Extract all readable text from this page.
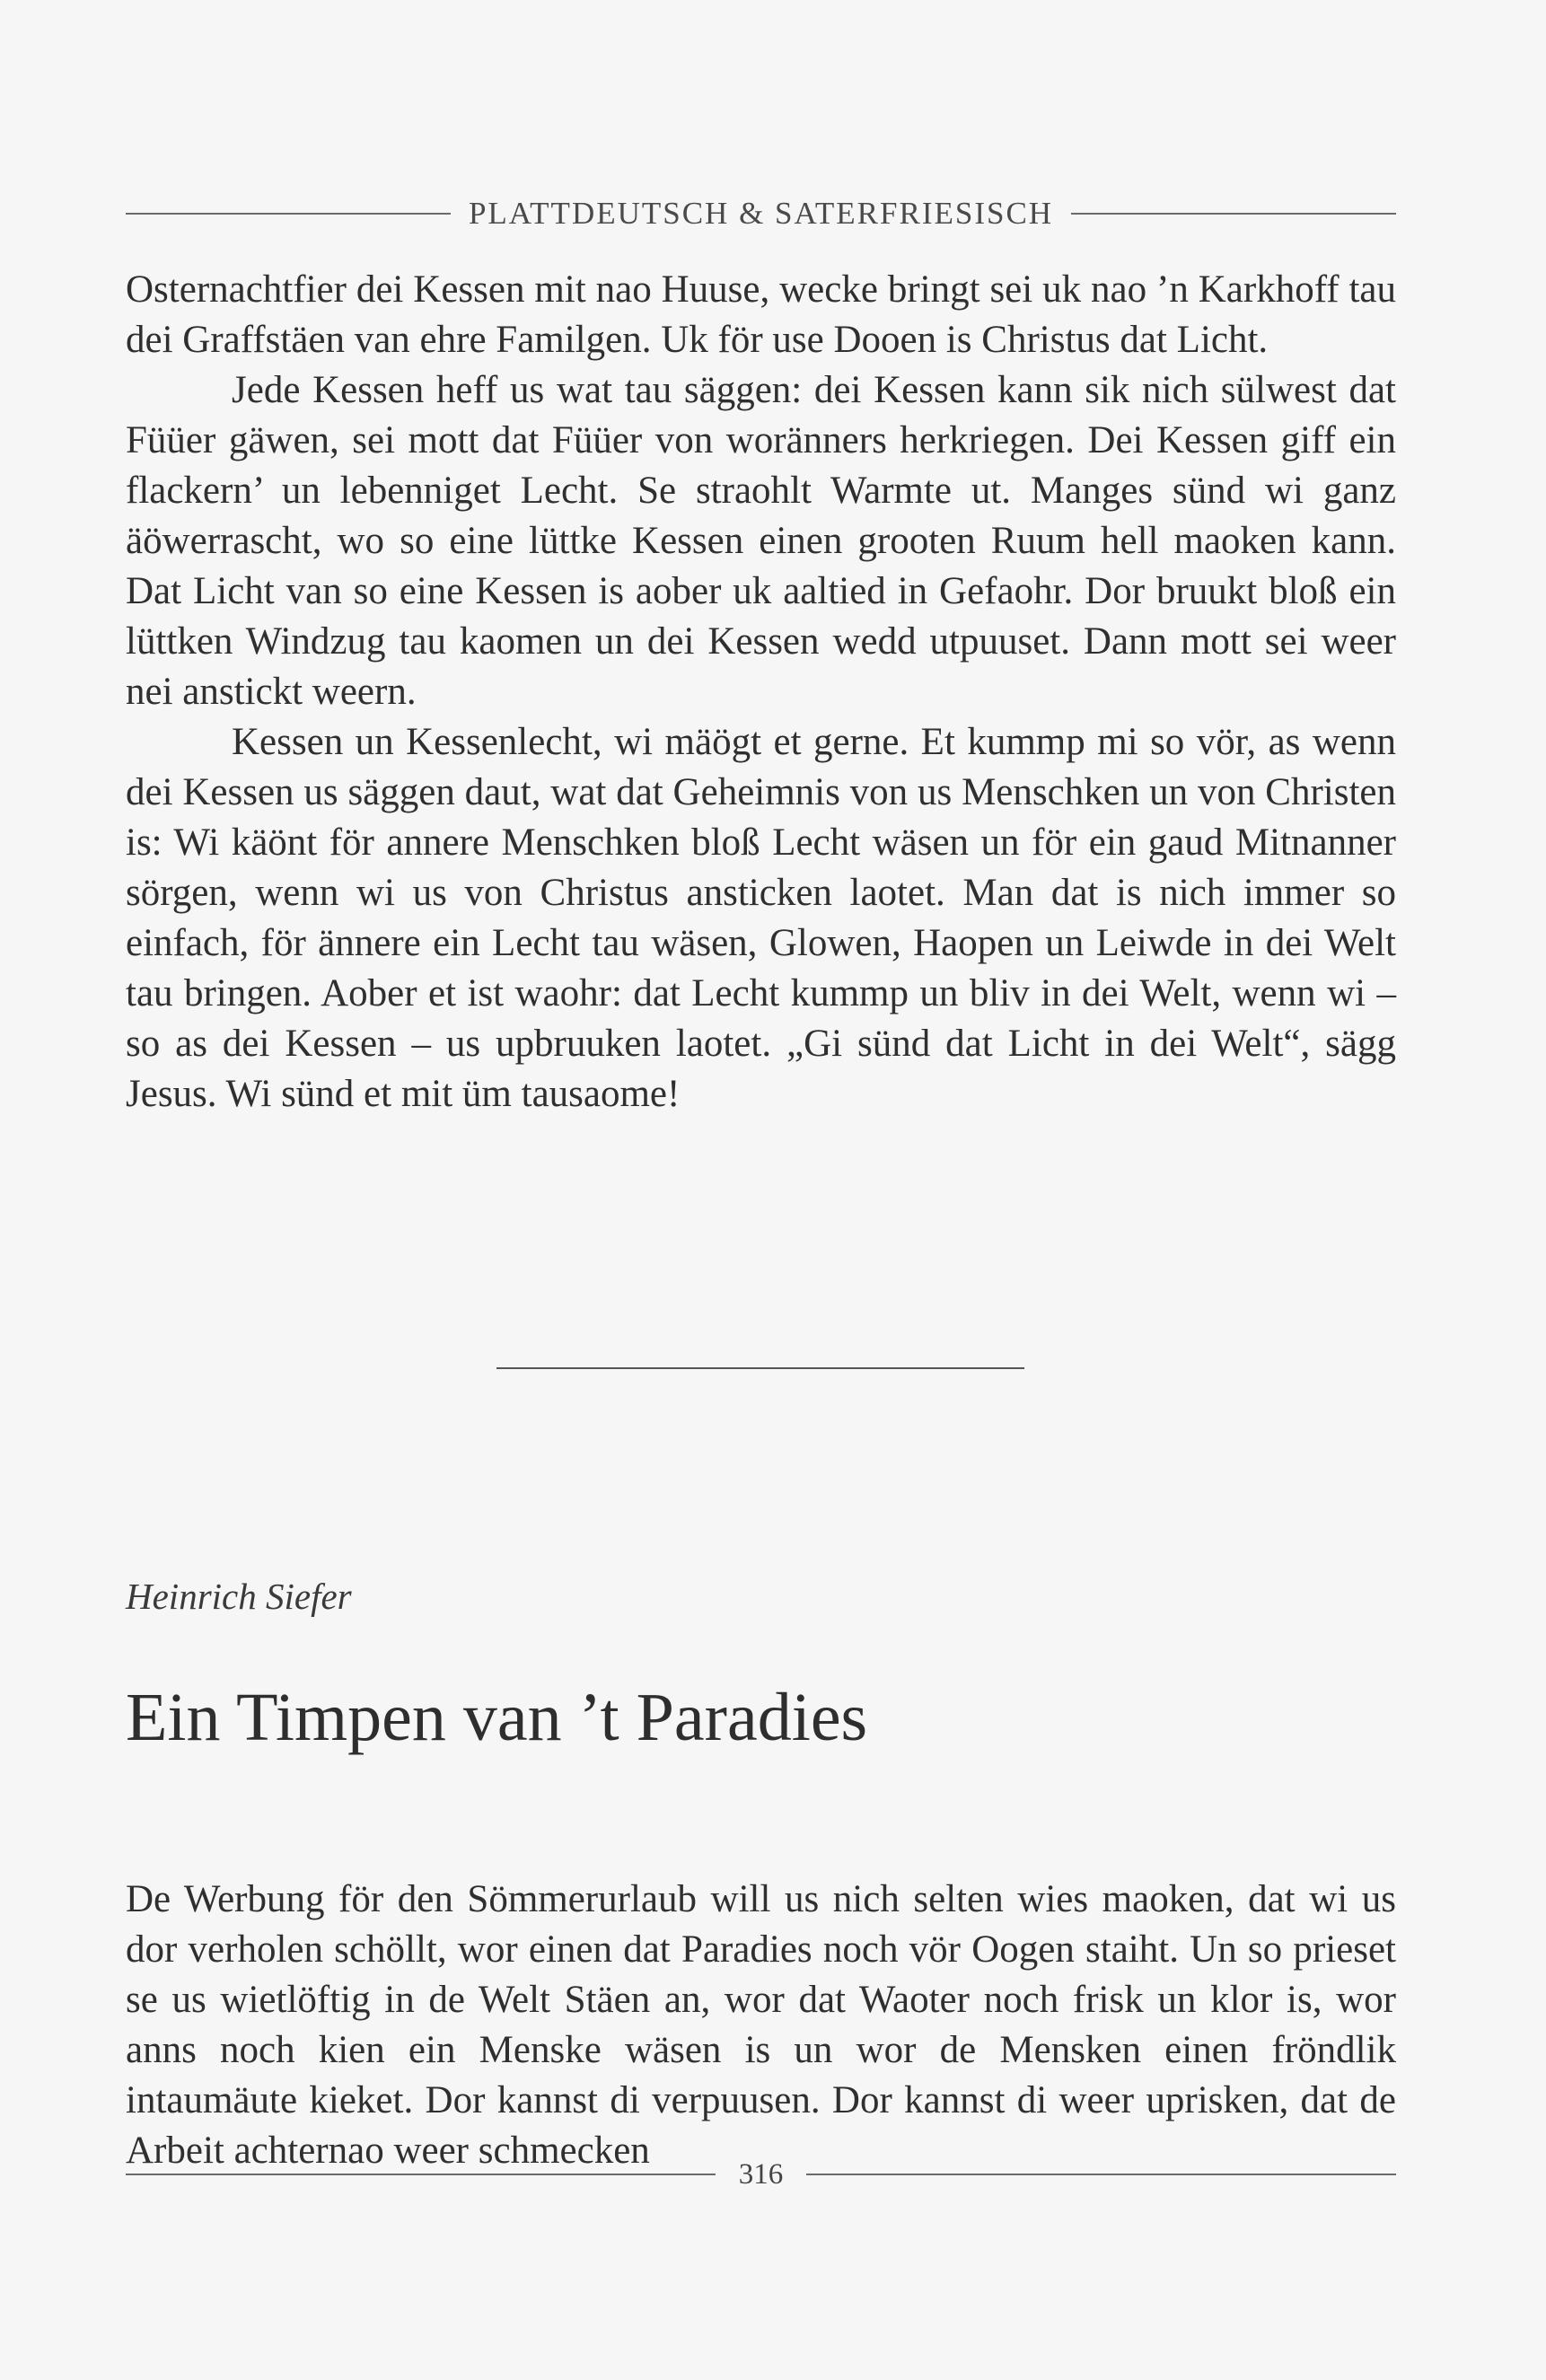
PLATTDEUTSCH & SATERFRIESISCH

Osternachtfier dei Kessen mit nao Huuse, wecke bringt sei uk nao ’n Karkhoff tau dei Graffstäen van ehre Familgen. Uk för use Dooen is Christus dat Licht.

Jede Kessen heff us wat tau säggen: dei Kessen kann sik nich sülwest dat Füüer gäwen, sei mott dat Füüer von woränners herkriegen. Dei Kessen giff ein flackern’ un lebenniget Lecht. Se straohlt Warmte ut. Manges sünd wi ganz äöwerrascht, wo so eine lüttke Kessen einen grooten Ruum hell maoken kann. Dat Licht van so eine Kessen is aober uk aaltied in Gefaohr. Dor bruukt bloß ein lüttken Windzug tau kaomen un dei Kessen wedd utpuuset. Dann mott sei weer nei anstickt weern.

Kessen un Kessenlecht, wi mäögt et gerne. Et kummp mi so vör, as wenn dei Kessen us säggen daut, wat dat Geheimnis von us Menschken un von Christen is: Wi käönt för annere Menschken bloß Lecht wäsen un för ein gaud Mitnanner sörgen, wenn wi us von Christus ansticken laotet. Man dat is nich immer so einfach, för ännere ein Lecht tau wäsen, Glowen, Haopen un Leiwde in dei Welt tau bringen. Aober et ist waohr: dat Lecht kummp un bliv in dei Welt, wenn wi – so as dei Kessen – us upbruuken laotet. „Gi sünd dat Licht in dei Welt“, sägg Jesus. Wi sünd et mit üm tausaome!

Heinrich Siefer
Ein Timpen van ’t Paradies

De Werbung för den Sömmerurlaub will us nich selten wies maoken, dat wi us dor verholen schöllt, wor einen dat Paradies noch vör Oogen staiht. Un so prieset se us wietlöftig in de Welt Stäen an, wor dat Waoter noch frisk un klor is, wor anns noch kien ein Menske wäsen is un wor de Mensken einen fröndlik intaumäute kieket. Dor kannst di verpuusen. Dor kannst di weer uprisken, dat de Arbeit achternao weer schmecken

316
